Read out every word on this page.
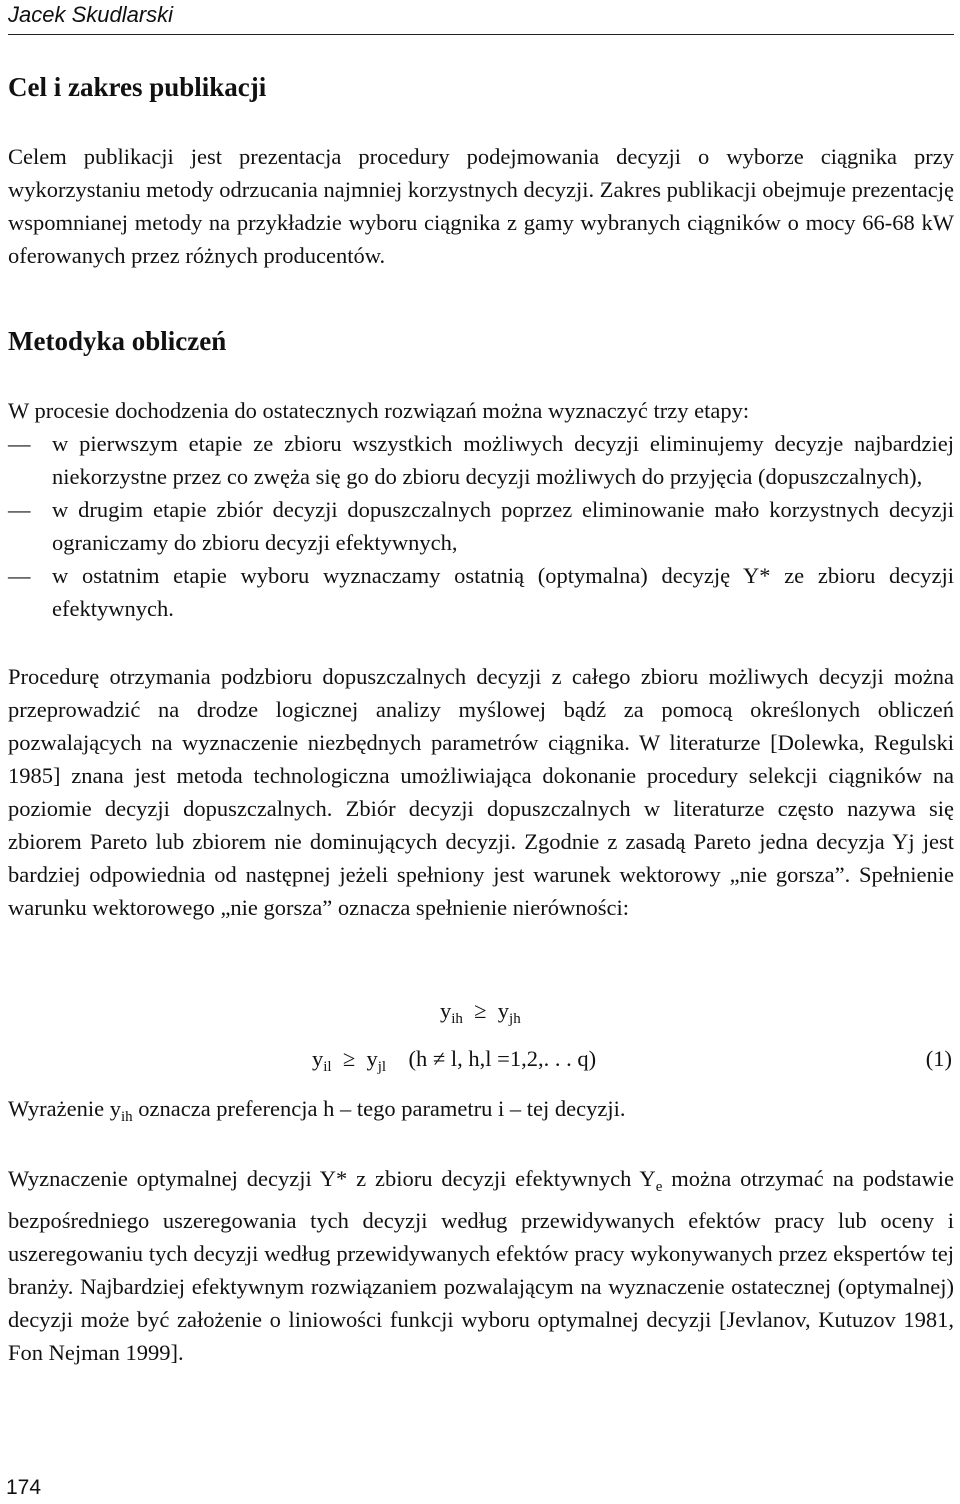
Jacek Skudlarski
Cel i zakres publikacji

Celem publikacji jest prezentacja procedury podejmowania decyzji o wyborze ciągnika przy wykorzystaniu metody odrzucania najmniej korzystnych decyzji. Zakres publikacji obejmuje prezentację wspomnianej metody na przykładzie wyboru ciągnika z gamy wybranych ciągników o mocy 66-68 kW oferowanych przez różnych producentów.

Metodyka obliczeń

W procesie dochodzenia do ostatecznych rozwiązań można wyznaczyć trzy etapy:

— w pierwszym etapie ze zbioru wszystkich możliwych decyzji eliminujemy decyzje najbardziej niekorzystne przez co zwęża się go do zbioru decyzji możliwych do przyjęcia (dopuszczalnych),
— w drugim etapie zbiór decyzji dopuszczalnych poprzez eliminowanie mało korzystnych decyzji ograniczamy do zbioru decyzji efektywnych,
— w ostatnim etapie wyboru wyznaczamy ostatnią (optymalna) decyzję Y* ze zbioru decyzji efektywnych.

Procedurę otrzymania podzbioru dopuszczalnych decyzji z całego zbioru możliwych decyzji można przeprowadzić na drodze logicznej analizy myślowej bądź za pomocą określonych obliczeń pozwalających na wyznaczenie niezbędnych parametrów ciągnika. W literaturze [Dolewka, Regulski 1985] znana jest metoda technologiczna umożliwiająca dokonanie procedury selekcji ciągników na poziomie decyzji dopuszczalnych. Zbiór decyzji dopuszczalnych w literaturze często nazywa się zbiorem Pareto lub zbiorem nie dominujących decyzji. Zgodnie z zasadą Pareto jedna decyzja Yj jest bardziej odpowiednia od następnej jeżeli spełniony jest warunek wektorowy „nie gorsza”. Spełnienie warunku wektorowego „nie gorsza” oznacza spełnienie nierówności:

$y_{ih} \ge y_{jh}$
$y_{il} \ge y_{jl}$ (h ≠ l, h,l =1,2,. . . q)	(1)

Wyrażenie $y_{ih}$ oznacza preferencja h – tego parametru i – tej decyzji.

Wyznaczenie optymalnej decyzji Y* z zbioru decyzji efektywnych $Y_e$ można otrzymać na podstawie bezpośredniego uszeregowania tych decyzji według przewidywanych efektów pracy lub oceny i uszeregowaniu tych decyzji według przewidywanych efektów pracy wykonywanych przez ekspertów tej branży. Najbardziej efektywnym rozwiązaniem pozwalającym na wyznaczenie ostatecznej (optymalnej) decyzji może być założenie o liniowości funkcji wyboru optymalnej decyzji [Jevlanov, Kutuzov 1981, Fon Nejman 1999].

174
